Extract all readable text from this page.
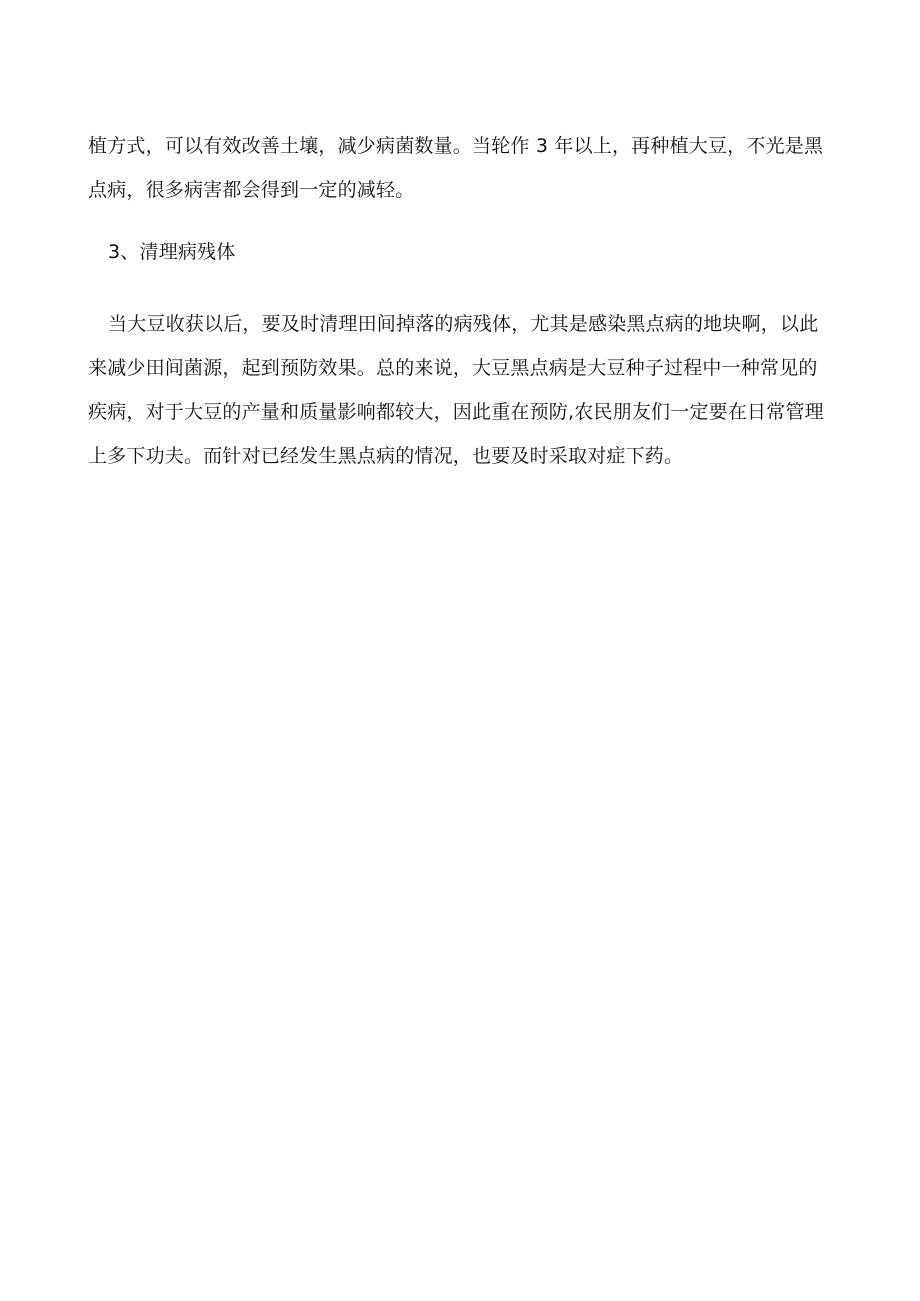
植方式，可以有效改善土壤，减少病菌数量。当轮作 3 年以上，再种植大豆，不光是黑点病，很多病害都会得到一定的减轻。

3、清理病残体

当大豆收获以后，要及时清理田间掉落的病残体，尤其是感染黑点病的地块啊，以此来减少田间菌源，起到预防效果。总的来说，大豆黑点病是大豆种子过程中一种常见的疾病，对于大豆的产量和质量影响都较大，因此重在预防,农民朋友们一定要在日常管理上多下功夫。而针对已经发生黑点病的情况，也要及时采取对症下药。
